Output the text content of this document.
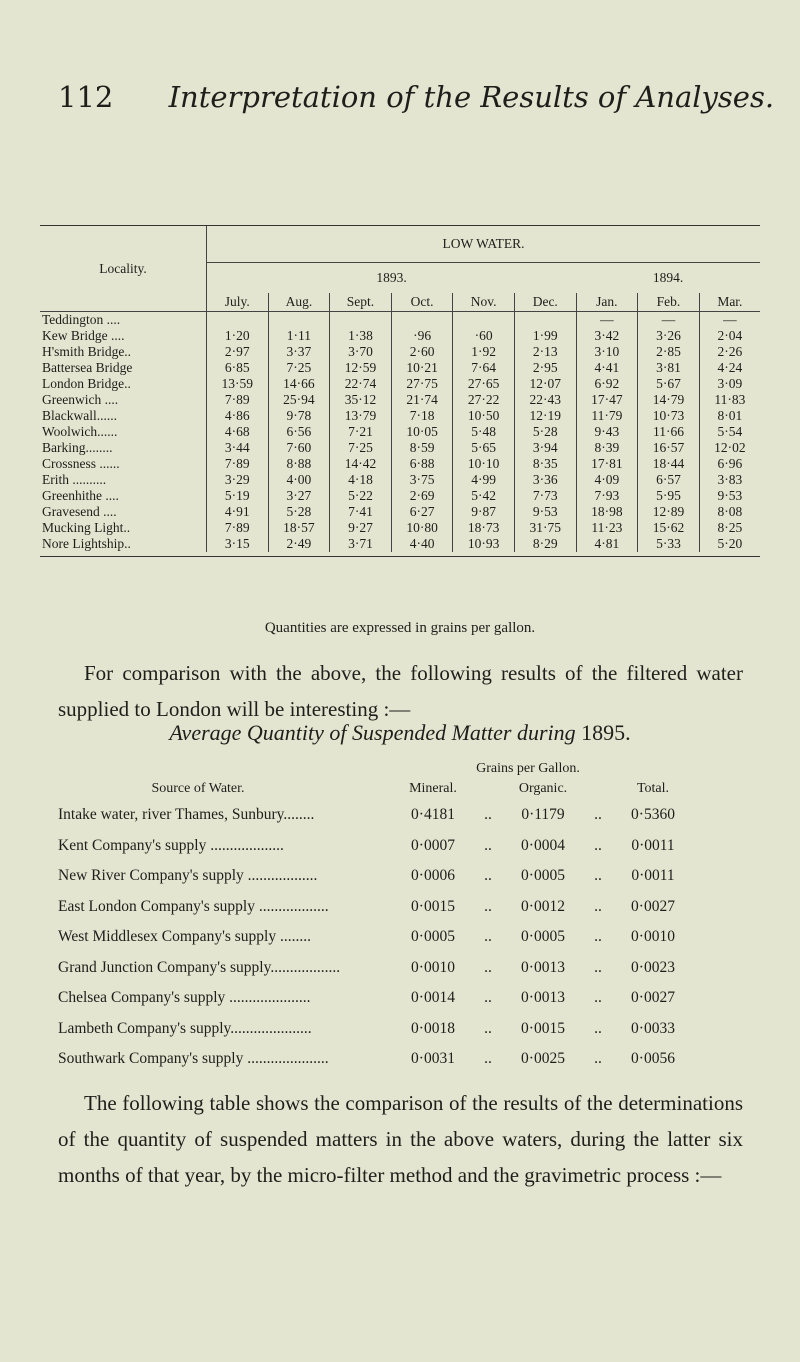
112 Interpretation of the Results of Analyses.
Locality.	LOW WATER.								
	1893.						1894.		
	July.	Aug.	Sept.	Oct.	Nov.	Dec.	Jan.	Feb.	Mar.
Teddington ....							—	—	—
Kew Bridge ....	1·20	1·11	1·38	·96	·60	1·99	3·42	3·26	2·04
H'smith Bridge..	2·97	3·37	3·70	2·60	1·92	2·13	3·10	2·85	2·26
Battersea Bridge	6·85	7·25	12·59	10·21	7·64	2·95	4·41	3·81	4·24
London Bridge..	13·59	14·66	22·74	27·75	27·65	12·07	6·92	5·67	3·09
Greenwich ....	7·89	25·94	35·12	21·74	27·22	22·43	17·47	14·79	11·83
Blackwall......	4·86	9·78	13·79	7·18	10·50	12·19	11·79	10·73	8·01
Woolwich......	4·68	6·56	7·21	10·05	5·48	5·28	9·43	11·66	5·54
Barking........	3·44	7·60	7·25	8·59	5·65	3·94	8·39	16·57	12·02
Crossness ......	7·89	8·88	14·42	6·88	10·10	8·35	17·81	18·44	6·96
Erith ..........	3·29	4·00	4·18	3·75	4·99	3·36	4·09	6·57	3·83
Greenhithe ....	5·19	3·27	5·22	2·69	5·42	7·73	7·93	5·95	9·53
Gravesend ....	4·91	5·28	7·41	6·27	9·87	9·53	18·98	12·89	8·08
Mucking Light..	7·89	18·57	9·27	10·80	18·73	31·75	11·23	15·62	8·25
Nore Lightship..	3·15	2·49	3·71	4·40	10·93	8·29	4·81	5·33	5·20

Quantities are expressed in grains per gallon.

For comparison with the above, the following results of the filtered water supplied to London will be interesting :—

Average Quantity of Suspended Matter during 1895.
Grains per Gallon.
Source of Water.	Mineral.	Organic.	Total.
Intake water, river Thames, Sunbury........	0·4181	..	0·1179	..	0·5360
Kent Company's supply ...................	0·0007	..	0·0004	..	0·0011
New River Company's supply ..................	0·0006	..	0·0005	..	0·0011
East London Company's supply ..................	0·0015	..	0·0012	..	0·0027
West Middlesex Company's supply ........	0·0005	..	0·0005	..	0·0010
Grand Junction Company's supply..................	0·0010	..	0·0013	..	0·0023
Chelsea Company's supply .....................	0·0014	..	0·0013	..	0·0027
Lambeth Company's supply.....................	0·0018	..	0·0015	..	0·0033
Southwark Company's supply .....................	0·0031	..	0·0025	..	0·0056

The following table shows the comparison of the results of the determinations of the quantity of suspended matters in the above waters, during the latter six months of that year, by the micro-filter method and the gravimetric process :—
